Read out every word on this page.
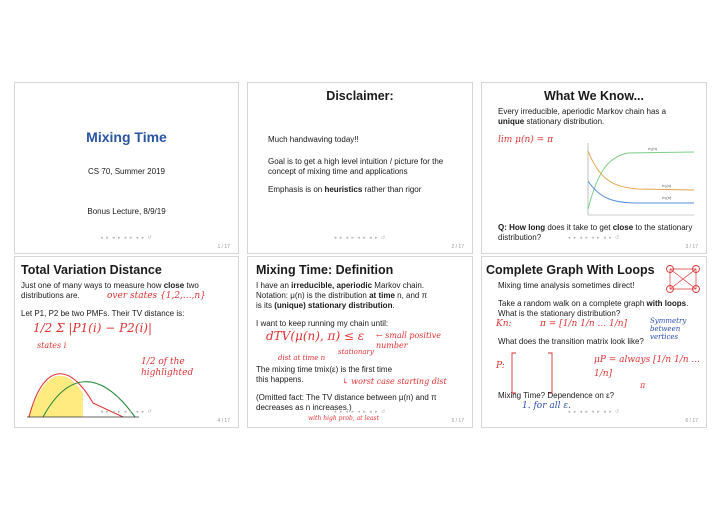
Mixing Time
CS 70, Summer 2019
Bonus Lecture, 8/9/19
◂ ▸ ◂ ▸ ◂ ▸ ◂ ▸ ↺
1 / 17
Disclaimer:
Much handwaving today!!
Goal is to get a high level intuition / picture for the concept of mixing time and applications
Emphasis is on heuristics rather than rigor
◂ ▸ ◂ ▸ ◂ ▸ ◂ ▸ ↺
2 / 17
What We Know...
Every irreducible, aperiodic Markov chain has a
unique stationary distribution.
lim μ(n) = π
π₁(n)
π₂(n)
π₃(n)
Q: How long does it take to get close to the stationary distribution?	◂ ▸ ◂ ▸ ◂ ▸ ◂ ▸ ↺
3 / 17
Total Variation Distance
Just one of many ways to measure how close two distributions are.	over states {1,2,...,n}
Let P1, P2 be two PMFs. Their TV distance is:
1/2 Σ |P1(i) − P2(i)|
states i
1/2 of the highlighted
◂ ▸ ◂ ▸ ◂ ▸ ◂ ▸ ↺
4 / 17
Mixing Time: Definition
I have an irreducible, aperiodic Markov chain.
Notation: μ(n) is the distribution at time n, and π
is its (unique) stationary distribution.
I want to keep running my chain until:
dTV(μ(n), π) ≤ ε ← small positive number
dist at time n
stationary
The mixing time tmix(ε) is the first time this happens.	↳ worst case starting dist
(Omitted fact: The TV distance between μ(n) and π decreases as n increases.)
with high prob, at least
◂ ▸ ◂ ▸ ◂ ▸ ◂ ▸ ↺
5 / 17
Complete Graph With Loops
Mixing time analysis sometimes direct!
Take a random walk on a complete graph with loops. What is the stationary distribution?
Kn:	π = [1/n 1/n ... 1/n]	Symmetry between vertices
What does the transition matrix look like?
P:
μP = always [1/n 1/n ... 1/n]
π
Mixing Time? Dependence on ε?
1. for all ε.
◂ ▸ ◂ ▸ ◂ ▸ ◂ ▸ ↺
6 / 17
